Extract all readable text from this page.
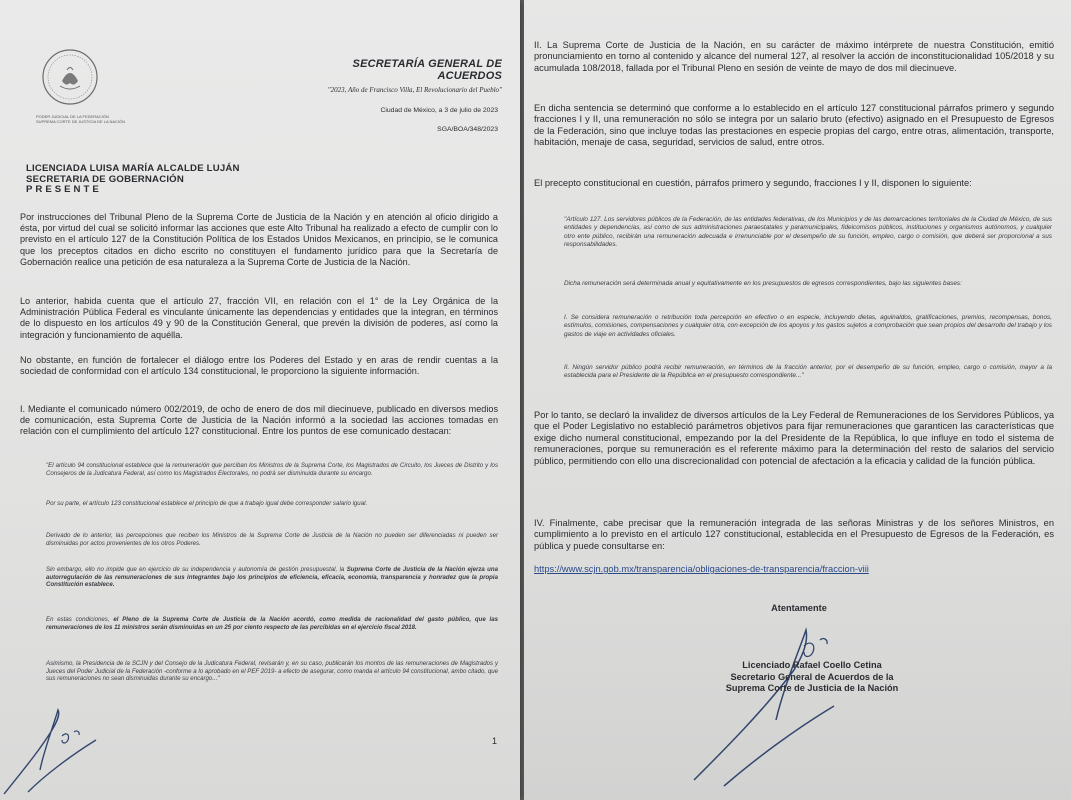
PODER JUDICIAL DE LA FEDERACIÓN
SUPREMA CORTE DE JUSTICIA DE LA NACIÓN
SECRETARÍA GENERAL DE ACUERDOS
"2023, Año de Francisco Villa, El Revolucionario del Pueblo"
Ciudad de México, a 3 de julio de 2023
SGA/BOA/348/2023
LICENCIADA LUISA MARÍA ALCALDE LUJÁN
SECRETARIA DE GOBERNACIÓN
PRESENTE

Por instrucciones del Tribunal Pleno de la Suprema Corte de Justicia de la Nación y en atención al oficio dirigido a ésta, por virtud del cual se solicitó informar las acciones que este Alto Tribunal ha realizado a efecto de cumplir con lo previsto en el artículo 127 de la Constitución Política de los Estados Unidos Mexicanos, en principio, se le comunica que los preceptos citados en dicho escrito no constituyen el fundamento jurídico para que la Secretaría de Gobernación realice una petición de esa naturaleza a la Suprema Corte de Justicia de la Nación.

Lo anterior, habida cuenta que el artículo 27, fracción VII, en relación con el 1° de la Ley Orgánica de la Administración Pública Federal es vinculante únicamente las dependencias y entidades que la integran, en términos de lo dispuesto en los artículos 49 y 90 de la Constitución General, que prevén la división de poderes, así como la integración y funcionamiento de aquélla.

No obstante, en función de fortalecer el diálogo entre los Poderes del Estado y en aras de rendir cuentas a la sociedad de conformidad con el artículo 134 constitucional, le proporciono la siguiente información.

I. Mediante el comunicado número 002/2019, de ocho de enero de dos mil diecinueve, publicado en diversos medios de comunicación, esta Suprema Corte de Justicia de la Nación informó a la sociedad las acciones tomadas en relación con el cumplimiento del artículo 127 constitucional. Entre los puntos de ese comunicado destacan:

"El artículo 94 constitucional establece que la remuneración que perciban los Ministros de la Suprema Corte, los Magistrados de Circuito, los Jueces de Distrito y los Consejeros de la Judicatura Federal, así como los Magistrados Electorales, no podrá ser disminuida durante su encargo.

Por su parte, el artículo 123 constitucional establece el principio de que a trabajo igual debe corresponder salario igual.

Derivado de lo anterior, las percepciones que reciben los Ministros de la Suprema Corte de Justicia de la Nación no pueden ser diferenciadas ni pueden ser disminuidas por actos provenientes de los otros Poderes.

Sin embargo, ello no impide que en ejercicio de su independencia y autonomía de gestión presupuestal, la Suprema Corte de Justicia de la Nación ejerza una autorregulación de las remuneraciones de sus integrantes bajo los principios de eficiencia, eficacia, economía, transparencia y honradez que la propia Constitución establece.

En estas condiciones, el Pleno de la Suprema Corte de Justicia de la Nación acordó, como medida de racionalidad del gasto público, que las remuneraciones de los 11 ministros serán disminuidas en un 25 por ciento respecto de las percibidas en el ejercicio fiscal 2018.

Asimismo, la Presidencia de la SCJN y del Consejo de la Judicatura Federal, revisarán y, en su caso, publicarán los montos de las remuneraciones de Magistrados y Jueces del Poder Judicial de la Federación -conforme a lo aprobado en el PEF 2019- a efecto de asegurar, como manda el artículo 94 constitucional, ambo citado, que sus remuneraciones no sean disminuidas durante su encargo..."

1

II. La Suprema Corte de Justicia de la Nación, en su carácter de máximo intérprete de nuestra Constitución, emitió pronunciamiento en torno al contenido y alcance del numeral 127, al resolver la acción de inconstitucionalidad 105/2018 y su acumulada 108/2018, fallada por el Tribunal Pleno en sesión de veinte de mayo de dos mil diecinueve.

En dicha sentencia se determinó que conforme a lo establecido en el artículo 127 constitucional párrafos primero y segundo fracciones I y II, una remuneración no sólo se integra por un salario bruto (efectivo) asignado en el Presupuesto de Egresos de la Federación, sino que incluye todas las prestaciones en especie propias del cargo, entre otras, alimentación, transporte, habitación, menaje de casa, seguridad, servicios de salud, entre otros.

El precepto constitucional en cuestión, párrafos primero y segundo, fracciones I y II, disponen lo siguiente:

"Artículo 127. Los servidores públicos de la Federación, de las entidades federativas, de los Municipios y de las demarcaciones territoriales de la Ciudad de México, de sus entidades y dependencias, así como de sus administraciones paraestatales y paramunicipales, fideicomisos públicos, instituciones y organismos autónomos, y cualquier otro ente público, recibirán una remuneración adecuada e irrenunciable por el desempeño de su función, empleo, cargo o comisión, que deberá ser proporcional a sus responsabilidades.

Dicha remuneración será determinada anual y equitativamente en los presupuestos de egresos correspondientes, bajo las siguientes bases:

I. Se considera remuneración o retribución toda percepción en efectivo o en especie, incluyendo dietas, aguinaldos, gratificaciones, premios, recompensas, bonos, estímulos, comisiones, compensaciones y cualquier otra, con excepción de los apoyos y los gastos sujetos a comprobación que sean propios del desarrollo del trabajo y los gastos de viaje en actividades oficiales.

II. Ningún servidor público podrá recibir remuneración, en términos de la fracción anterior, por el desempeño de su función, empleo, cargo o comisión, mayor a la establecida para el Presidente de la República en el presupuesto correspondiente..."

Por lo tanto, se declaró la invalidez de diversos artículos de la Ley Federal de Remuneraciones de los Servidores Públicos, ya que el Poder Legislativo no estableció parámetros objetivos para fijar remuneraciones que garanticen las características que exige dicho numeral constitucional, empezando por la del Presidente de la República, lo que influye en todo el sistema de remuneraciones, porque su remuneración es el referente máximo para la determinación del resto de salarios del servicio público, permitiendo con ello una discrecionalidad con potencial de afectación a la eficacia y calidad de la función pública.

IV. Finalmente, cabe precisar que la remuneración integrada de las señoras Ministras y de los señores Ministros, en cumplimiento a lo previsto en el artículo 127 constitucional, establecida en el Presupuesto de Egresos de la Federación, es pública y puede consultarse en:

https://www.scjn.gob.mx/transparencia/obligaciones-de-transparencia/fraccion-viii
Atentamente
Licenciado Rafael Coello Cetina
Secretario General de Acuerdos de la
Suprema Corte de Justicia de la Nación
